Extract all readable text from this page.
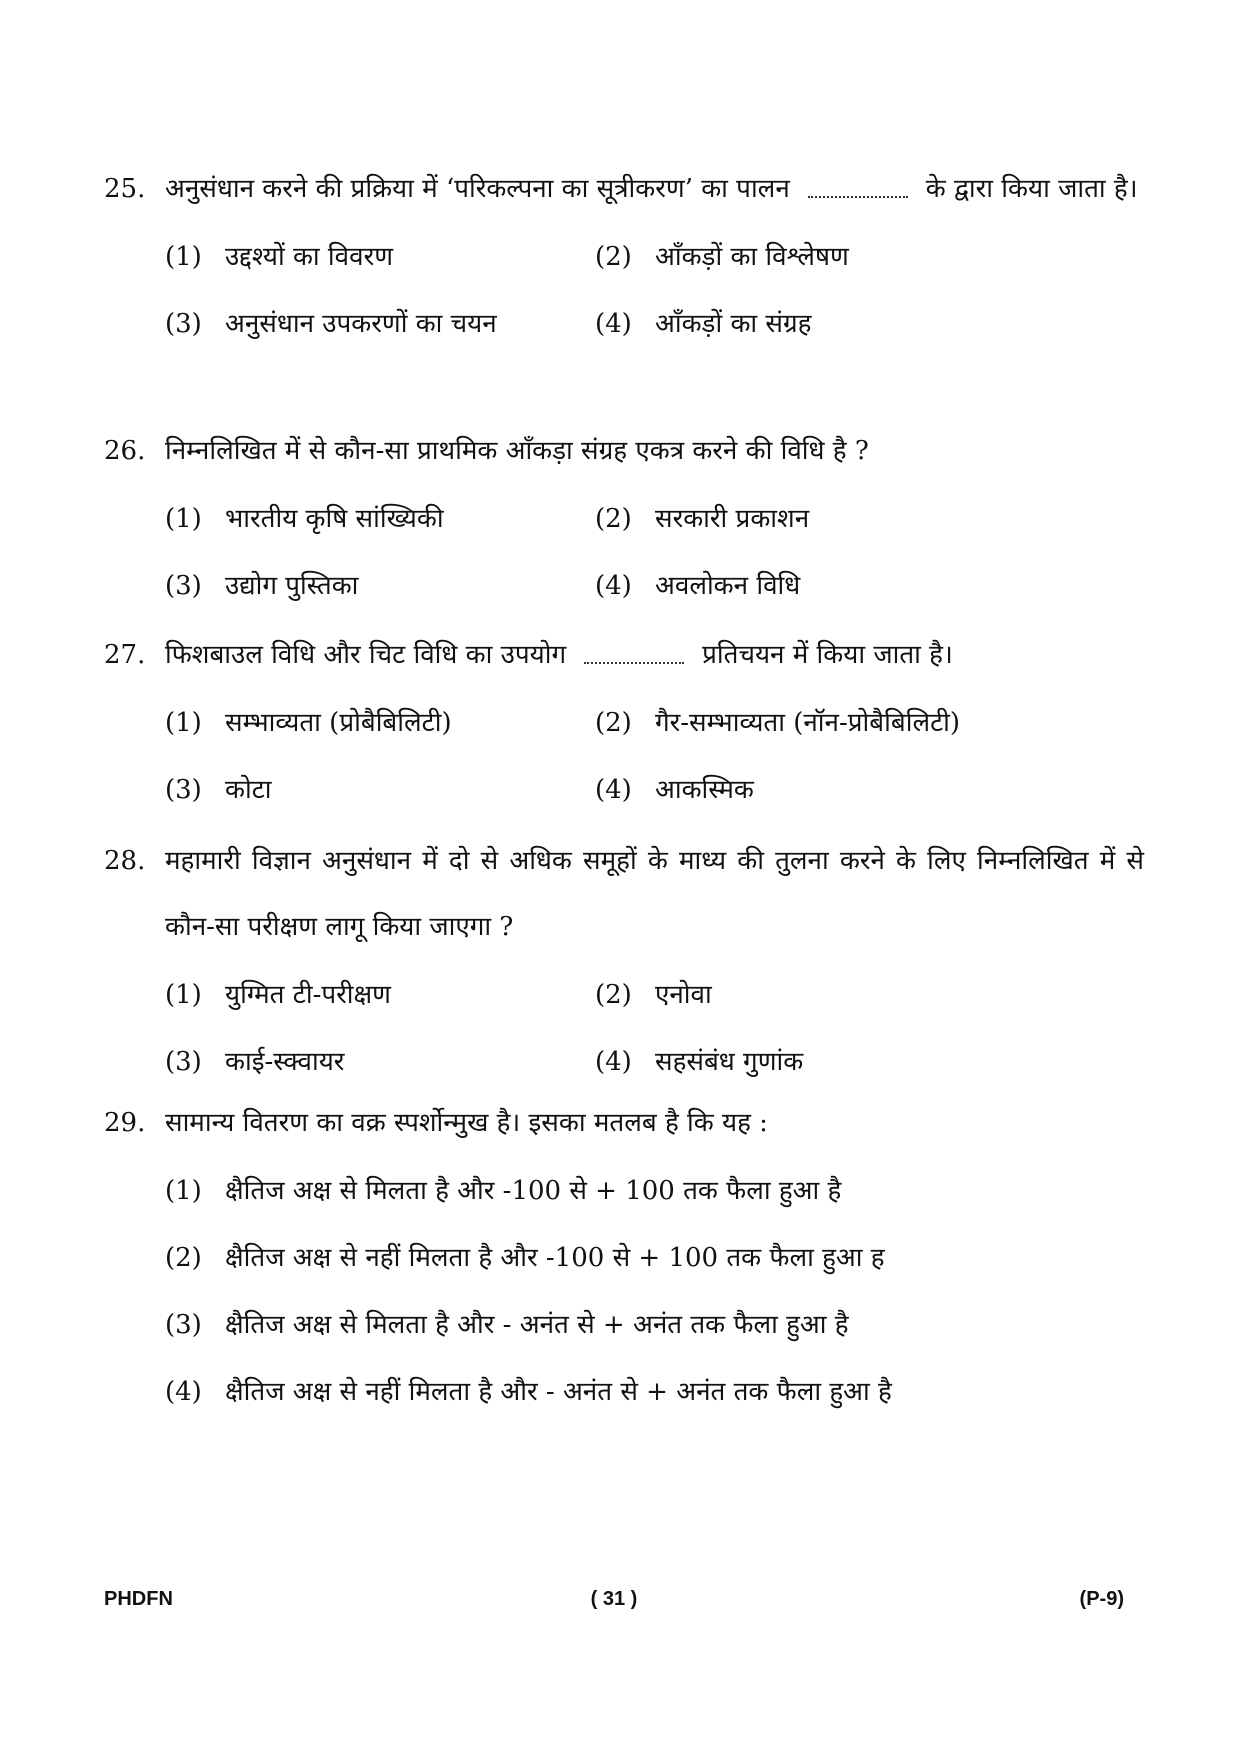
25. अनुसंधान करने की प्रक्रिया में ‘परिकल्पना का सूत्रीकरण’ का पालन	के द्वारा किया जाता है।
(1) उद्दश्यों का विवरण	(2) आँकड़ों का विश्लेषण
(3) अनुसंधान उपकरणों का चयन	(4) आँकड़ों का संग्रह
26. निम्नलिखित में से कौन-सा प्राथमिक आँकड़ा संग्रह एकत्र करने की विधि है ?
(1) भारतीय कृषि सांख्यिकी	(2) सरकारी प्रकाशन
(3) उद्योग पुस्तिका	(4) अवलोकन विधि
27. फिशबाउल विधि और चिट विधि का उपयोग	प्रतिचयन में किया जाता है।
(1) सम्भाव्यता (प्रोबैबिलिटी)	(2) गैर-सम्भाव्यता (नॉन-प्रोबैबिलिटी)
(3) कोटा	(4) आकस्मिक
28. महामारी विज्ञान अनुसंधान में दो से अधिक समूहों के माध्य की तुलना करने के लिए निम्नलिखित में से कौन-सा परीक्षण लागू किया जाएगा ?
(1) युग्मित टी-परीक्षण	(2) एनोवा
(3) काई-स्क्वायर	(4) सहसंबंध गुणांक
29. सामान्य वितरण का वक्र स्पर्शोन्मुख है। इसका मतलब है कि यह :
(1) क्षैतिज अक्ष से मिलता है और -100 से + 100 तक फैला हुआ है
(2) क्षैतिज अक्ष से नहीं मिलता है और -100 से + 100 तक फैला हुआ ह
(3) क्षैतिज अक्ष से मिलता है और - अनंत से + अनंत तक फैला हुआ है
(4) क्षैतिज अक्ष से नहीं मिलता है और - अनंत से + अनंत तक फैला हुआ है
PHDFN	( 31 )	(P-9)
